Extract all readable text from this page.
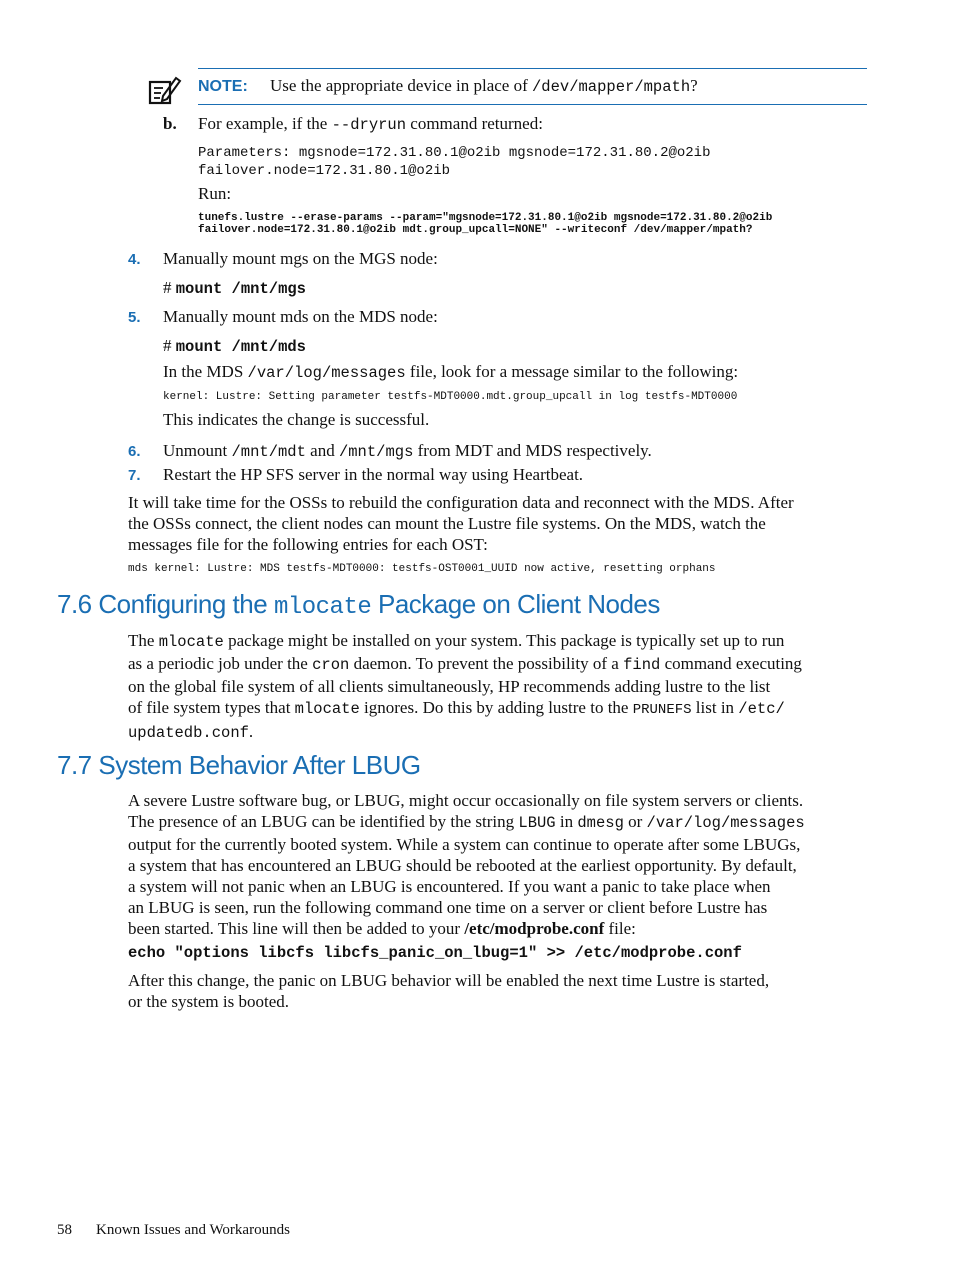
NOTE: Use the appropriate device in place of /dev/mapper/mpath?
b. For example, if the --dryrun command returned:
Parameters: mgsnode=172.31.80.1@o2ib mgsnode=172.31.80.2@o2ib
failover.node=172.31.80.1@o2ib
Run:
tunefs.lustre --erase-params --param="mgsnode=172.31.80.1@o2ib mgsnode=172.31.80.2@o2ib
failover.node=172.31.80.1@o2ib mdt.group_upcall=NONE" --writeconf /dev/mapper/mpath?
4. Manually mount mgs on the MGS node:
# mount /mnt/mgs
5. Manually mount mds on the MDS node:
# mount /mnt/mds
In the MDS /var/log/messages file, look for a message similar to the following:
kernel: Lustre: Setting parameter testfs-MDT0000.mdt.group_upcall in log testfs-MDT0000
This indicates the change is successful.
6. Unmount /mnt/mdt and /mnt/mgs from MDT and MDS respectively.
7. Restart the HP SFS server in the normal way using Heartbeat.
It will take time for the OSSs to rebuild the configuration data and reconnect with the MDS. After
the OSSs connect, the client nodes can mount the Lustre file systems. On the MDS, watch the
messages file for the following entries for each OST:
mds kernel: Lustre: MDS testfs-MDT0000: testfs-OST0001_UUID now active, resetting orphans
7.6 Configuring the mlocate Package on Client Nodes
The mlocate package might be installed on your system. This package is typically set up to run
as a periodic job under the cron daemon. To prevent the possibility of a find command executing
on the global file system of all clients simultaneously, HP recommends adding lustre to the list
of file system types that mlocate ignores. Do this by adding lustre to the PRUNEFS list in /etc/
updatedb.conf.
7.7 System Behavior After LBUG
A severe Lustre software bug, or LBUG, might occur occasionally on file system servers or clients.
The presence of an LBUG can be identified by the string LBUG in dmesg or /var/log/messages
output for the currently booted system. While a system can continue to operate after some LBUGs,
a system that has encountered an LBUG should be rebooted at the earliest opportunity. By default,
a system will not panic when an LBUG is encountered. If you want a panic to take place when
an LBUG is seen, run the following command one time on a server or client before Lustre has
been started. This line will then be added to your /etc/modprobe.conf file:
echo "options libcfs libcfs_panic_on_lbug=1" >> /etc/modprobe.conf
After this change, the panic on LBUG behavior will be enabled the next time Lustre is started,
or the system is booted.
58 Known Issues and Workarounds
